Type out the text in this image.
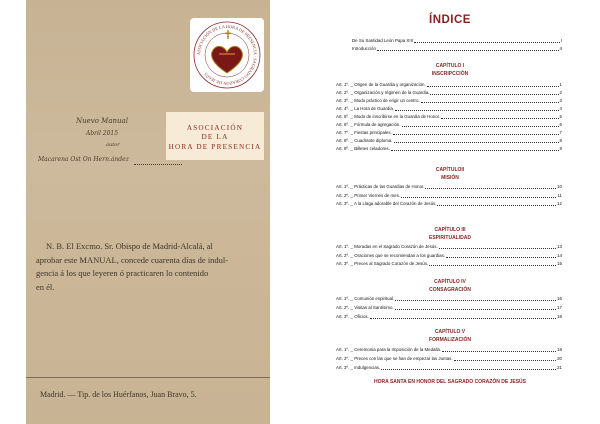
ASOCIACIÓN DE LA HORA DE PRESENCIA · SAGRADO CORAZÓN DE JESÚS ·
✝
ASOCIACIÓN
DE LA
HORA DE PRESENCIA
Nuevo Manual
Abril 2015
autor
Macarena Ost On Hern.ández

N. B. El Excmo. Sr. Obispo de Madrid-Alcalá, al

aprobar este MANUAL, concede cuarenta días de indul-

gencia á los que leyeren ó practicaren lo contenido

en él.

Madrid. — Tip. de los Huérfanos, Juan Bravo, 5.
ÍNDICE
De Su Santidad León Papa XIII	I
Introducción	II
CAPÍTULO I
INSCRIPCCIÓN
Art. 1º. _ Origen de la Guardia y organización.	1
Art. 2º. _ Organización y régimen de la Guardia.	2
Art. 3º. _ Modo práctico de erigir un centro.	3
Art. 4º. _ La Hora de Guardia.	4
Art. 5º. _ Modo de inscribirse en la Guardia de Honor.	5
Art. 6º. _ Fórmula de agregación.	6
Art. 7º. _ Fiestas principales.	7
Art. 8º. _ Cuadrante diploma.	8
Art. 9º. _ Billetes celadores.	9
CAPÍTULOII
MISIÓN
Art. 1º. _ Prácticas de las Guardias de Honor.	10
Art. 2º. _ Primer Viernes de mes.	11
Art. 3º. _ A la Llaga adorable del Corazón de Jesús.	12
CAPÍTULO III
ESPIRITUALIDAD
Art. 1º. _ Moradas en el Sagrado Corazón de Jesús.	13
Art. 2º. _ Oraciones que se recomiendan a los guardias.	14
Art. 3º. _ Preces al Sagrado Corazón de Jesús.	15
CAPÍTULO IV
CONSAGRACIÓN
Art. 1º. _ Comunión espiritual.	16
Art. 2º. _ Visitas al Santísimo.	17
Art. 3º. _ Oficios.	18
CAPÍTULO V
FORMALIZACIÓN
Art. 1º. _ Ceremonia para la Imposición de la Medalla.	19
Art. 2º. _ Preces con las que se han de empezar las Juntas.	20
Art. 3º. _ Indulgencias.	21
HORA SANTA EN HONOR DEL SAGRADO CORAZÓN DE JESÚS
